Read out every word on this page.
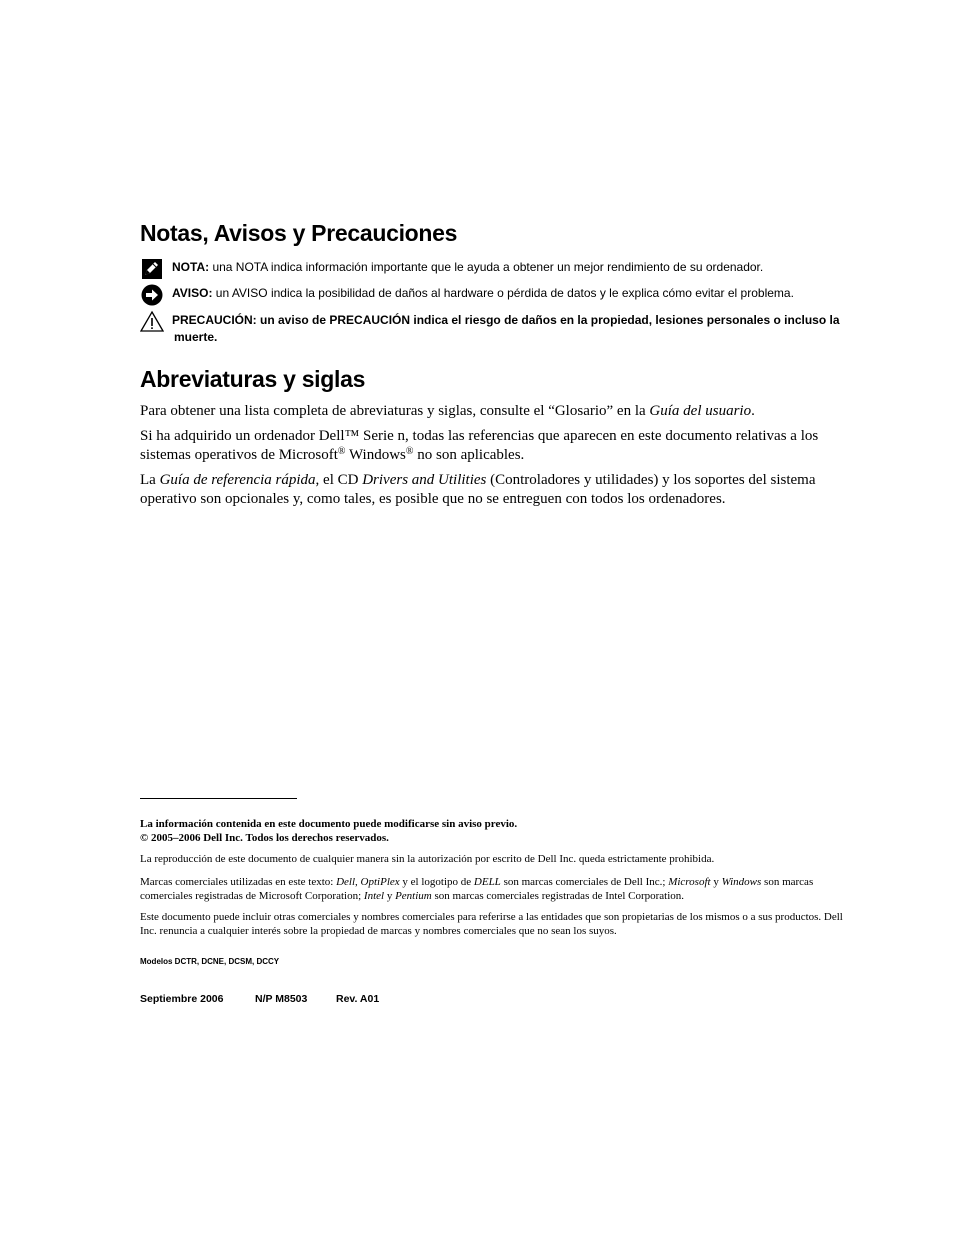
Notas, Avisos y Precauciones
NOTA: una NOTA indica información importante que le ayuda a obtener un mejor rendimiento de su ordenador.
AVISO: un AVISO indica la posibilidad de daños al hardware o pérdida de datos y le explica cómo evitar el problema.
PRECAUCIÓN: un aviso de PRECAUCIÓN indica el riesgo de daños en la propiedad, lesiones personales o incluso la
muerte.
Abreviaturas y siglas

Para obtener una lista completa de abreviaturas y siglas, consulte el “Glosario” en la Guía del usuario.

Si ha adquirido un ordenador Dell™ Serie n, todas las referencias que aparecen en este documento relativas a los
sistemas operativos de Microsoft® Windows® no son aplicables.

La Guía de referencia rápida, el CD Drivers and Utilities (Controladores y utilidades) y los soportes del sistema
operativo son opcionales y, como tales, es posible que no se entreguen con todos los ordenadores.

La información contenida en este documento puede modificarse sin aviso previo.
© 2005–2006 Dell Inc. Todos los derechos reservados.

La reproducción de este documento de cualquier manera sin la autorización por escrito de Dell Inc. queda estrictamente prohibida.

Marcas comerciales utilizadas en este texto: Dell, OptiPlex y el logotipo de DELL son marcas comerciales de Dell Inc.; Microsoft y Windows son marcas comerciales registradas de Microsoft Corporation; Intel y Pentium son marcas comerciales registradas de Intel Corporation.

Este documento puede incluir otras comerciales y nombres comerciales para referirse a las entidades que son propietarias de los mismos o a sus productos. Dell Inc. renuncia a cualquier interés sobre la propiedad de marcas y nombres comerciales que no sean los suyos.

Modelos DCTR, DCNE, DCSM, DCCY

Septiembre 2006	N/P M8503	Rev. A01
